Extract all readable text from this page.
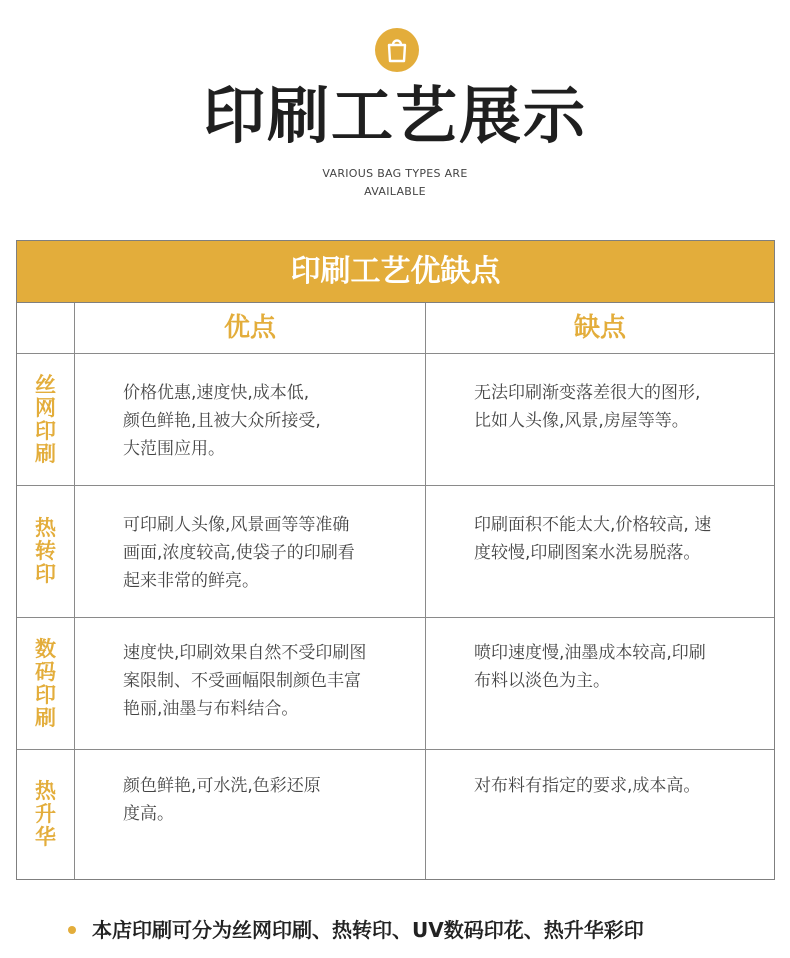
印刷工艺展示
VARIOUS BAG TYPES ARE
AVAILABLE
印刷工艺优缺点
优点	缺点
丝网印刷
价格优惠,速度快,成本低,
颜色鲜艳,且被大众所接受,
大范围应用。
无法印刷渐变落差很大的图形,
比如人头像,风景,房屋等等。
热转印
可印刷人头像,风景画等等准确
画面,浓度较高,使袋子的印刷看
起来非常的鲜亮。
印刷面积不能太大,价格较高, 速
度较慢,印刷图案水洗易脱落。
数码印刷
速度快,印刷效果自然不受印刷图
案限制、不受画幅限制颜色丰富
艳丽,油墨与布料结合。
喷印速度慢,油墨成本较高,印刷
布料以淡色为主。
热升华
颜色鲜艳,可水洗,色彩还原
度高。
对布料有指定的要求,成本高。
本店印刷可分为丝网印刷、热转印、UV数码印花、热升华彩印
